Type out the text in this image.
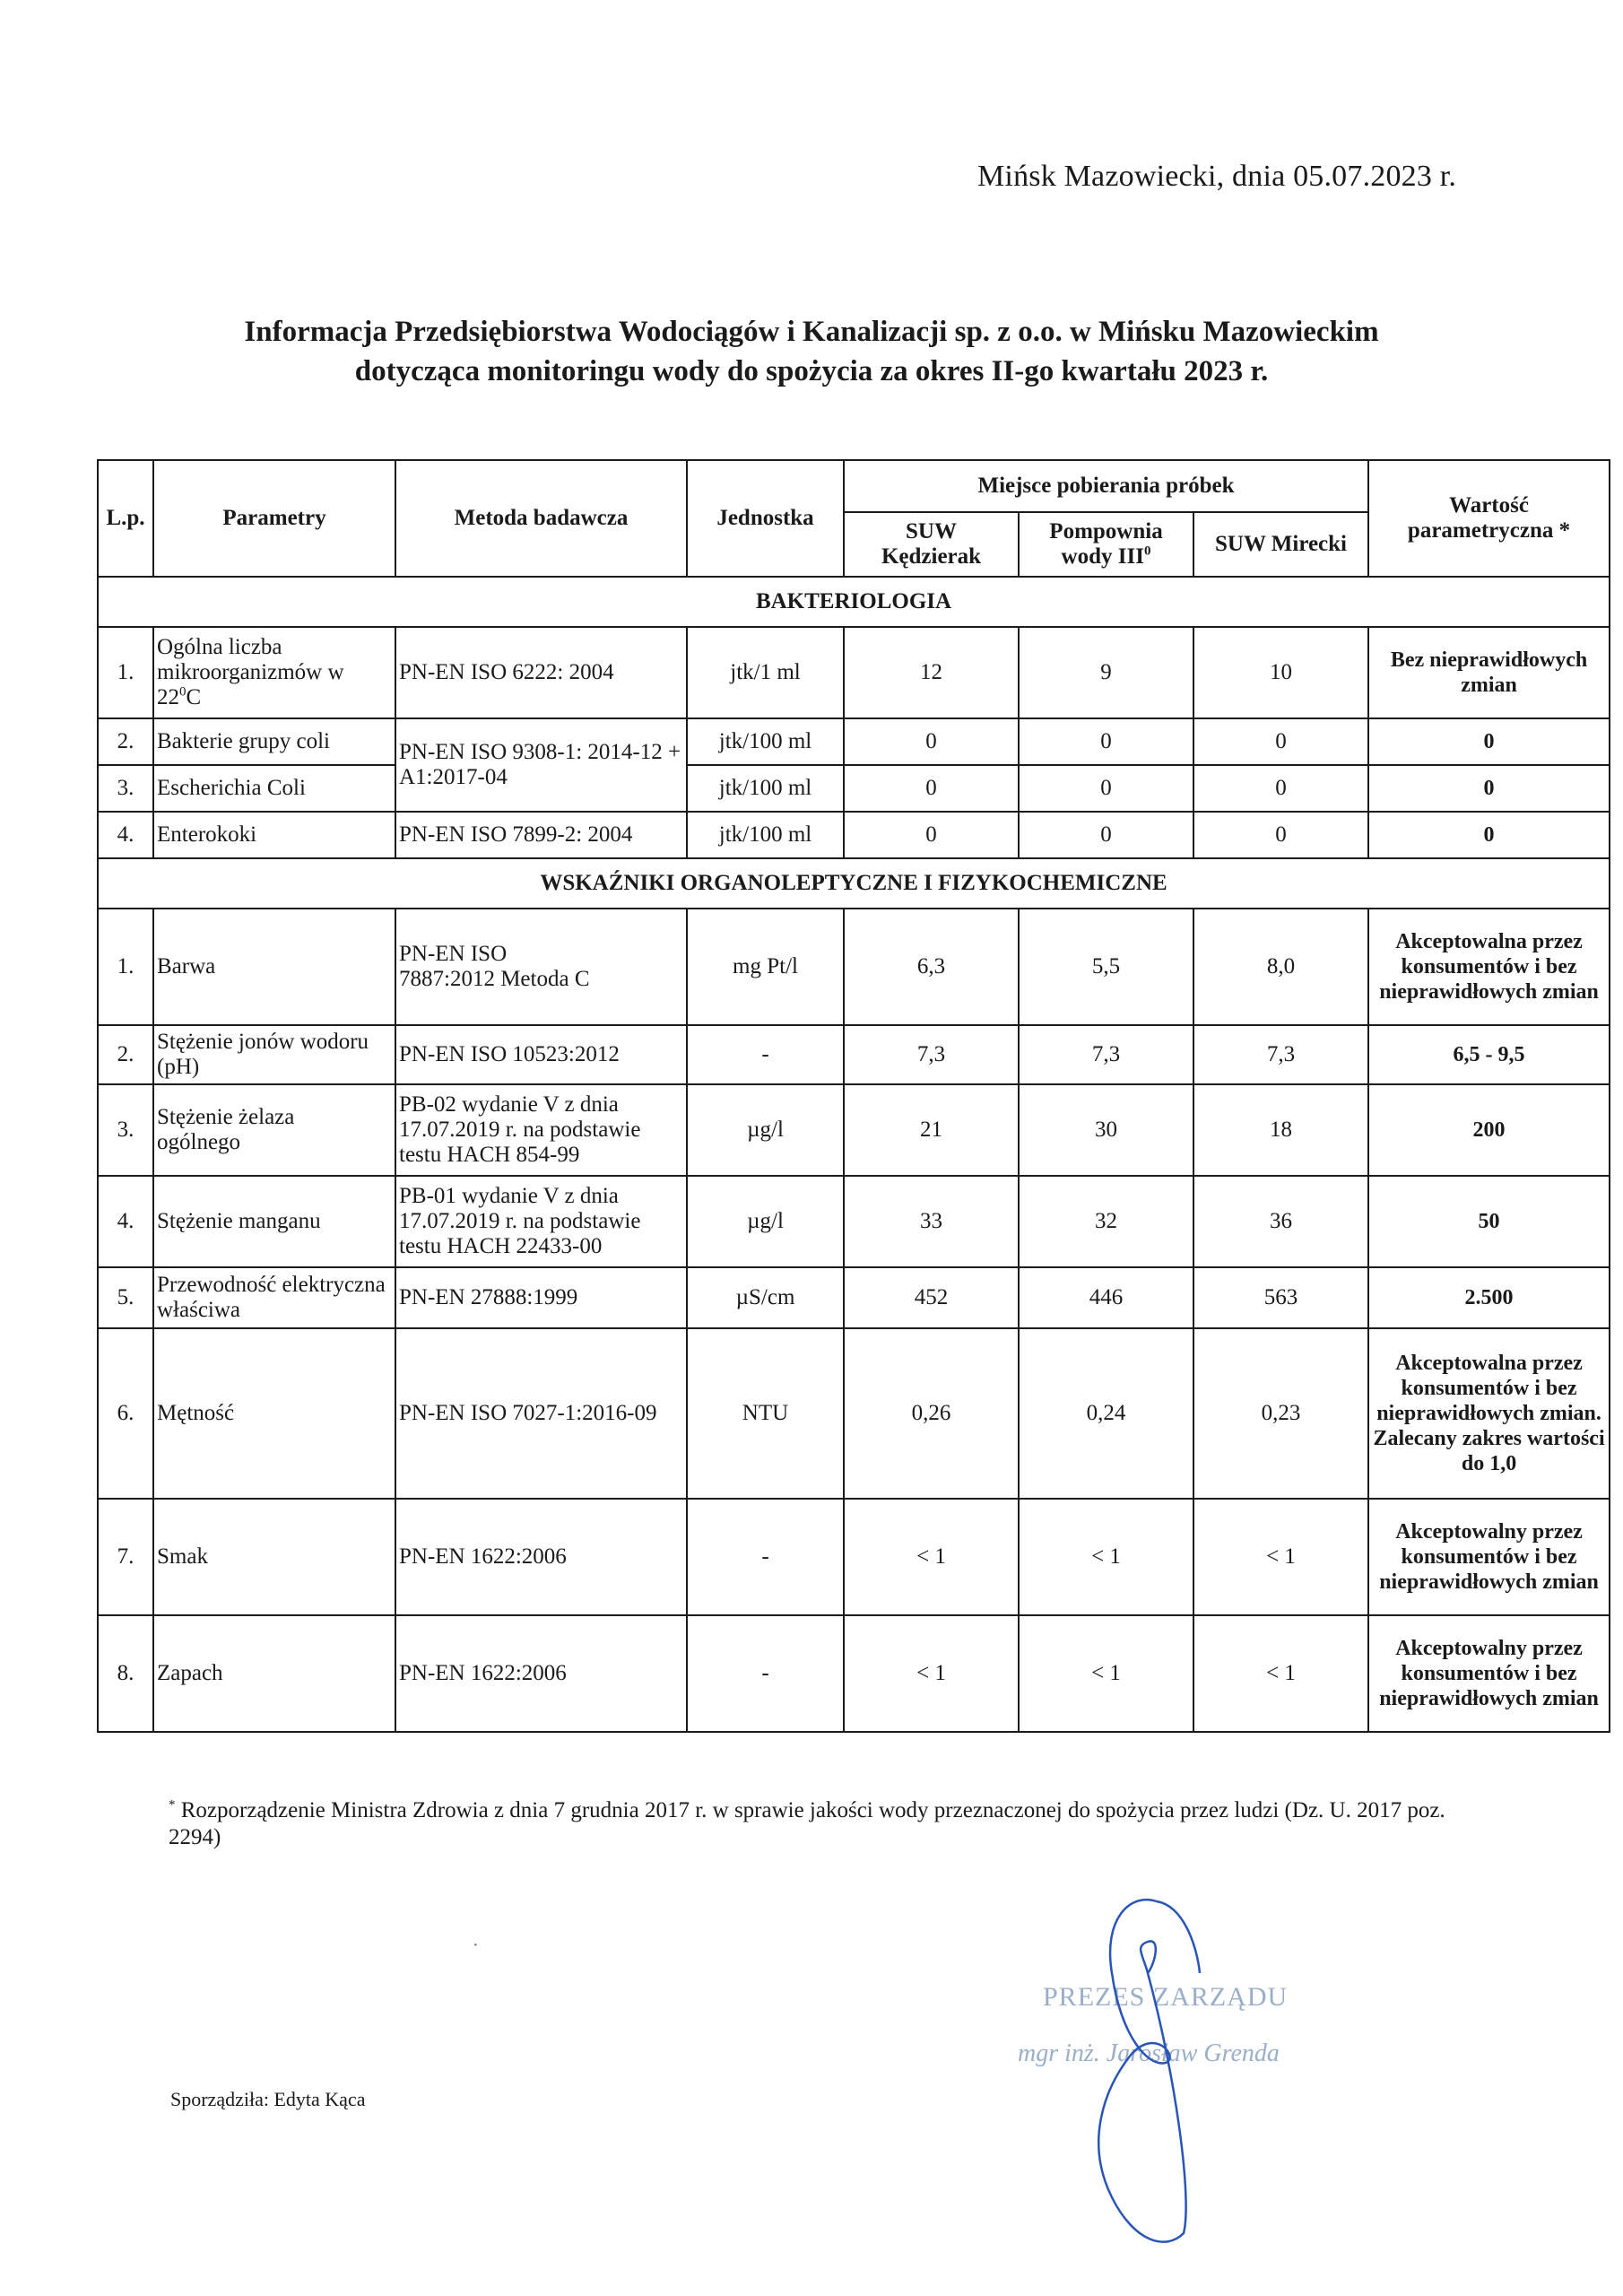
Mińsk Mazowiecki, dnia 05.07.2023 r.
Informacja Przedsiębiorstwa Wodociągów i Kanalizacji sp. z o.o. w Mińsku Mazowieckim
dotycząca monitoringu wody do spożycia za okres II-go kwartału 2023 r.
L.p.	Parametry	Metoda badawcza	Jednostka	Miejsce pobierania próbek			Wartość parametryczna *
				SUW Kędzierak	Pompownia wody III$^0$	SUW Mirecki	
BAKTERIOLOGIA							
1.	Ogólna liczba mikroorganizmów w $22^0C$	PN-EN ISO 6222: 2004	jtk/1 ml	12	9	10	Bez nieprawidłowych zmian
2.	Bakterie grupy coli	PN-EN ISO 9308-1: 2014-12 + A1:2017-04	jtk/100 ml	0	0	0	0
3.	Escherichia Coli		jtk/100 ml	0	0	0	0
4.	Enterokoki	PN-EN ISO 7899-2: 2004	jtk/100 ml	0	0	0	0
WSKAŹNIKI ORGANOLEPTYCZNE I FIZYKOCHEMICZNE							
1.	Barwa	PN-EN ISO 7887:2012 Metoda C	mg Pt/l	6,3	5,5	8,0	Akceptowalna przez konsumentów i bez nieprawidłowych zmian
2.	Stężenie jonów wodoru (pH)	PN-EN ISO 10523:2012	-	7,3	7,3	7,3	6,5 - 9,5
3.	Stężenie żelaza ogólnego	PB-02 wydanie V z dnia 17.07.2019 r. na podstawie testu HACH 854-99	µg/l	21	30	18	200
4.	Stężenie manganu	PB-01 wydanie V z dnia 17.07.2019 r. na podstawie testu HACH 22433-00	µg/l	33	32	36	50
5.	Przewodność elektryczna właściwa	PN-EN 27888:1999	µS/cm	452	446	563	2.500
6.	Mętność	PN-EN ISO 7027-1:2016-09	NTU	0,26	0,24	0,23	Akceptowalna przez konsumentów i bez nieprawidłowych zmian. Zalecany zakres wartości do 1,0
7.	Smak	PN-EN 1622:2006	-	< 1	< 1	< 1	Akceptowalny przez konsumentów i bez nieprawidłowych zmian
8.	Zapach	PN-EN 1622:2006	-	< 1	< 1	< 1	Akceptowalny przez konsumentów i bez nieprawidłowych zmian
* Rozporządzenie Ministra Zdrowia z dnia 7 grudnia 2017 r. w sprawie jakości wody przeznaczonej do spożycia przez ludzi (Dz. U. 2017 poz. 2294)
·
PREZES ZARZĄDU
mgr inż. Jarosław Grenda
Sporządziła: Edyta Kąca
